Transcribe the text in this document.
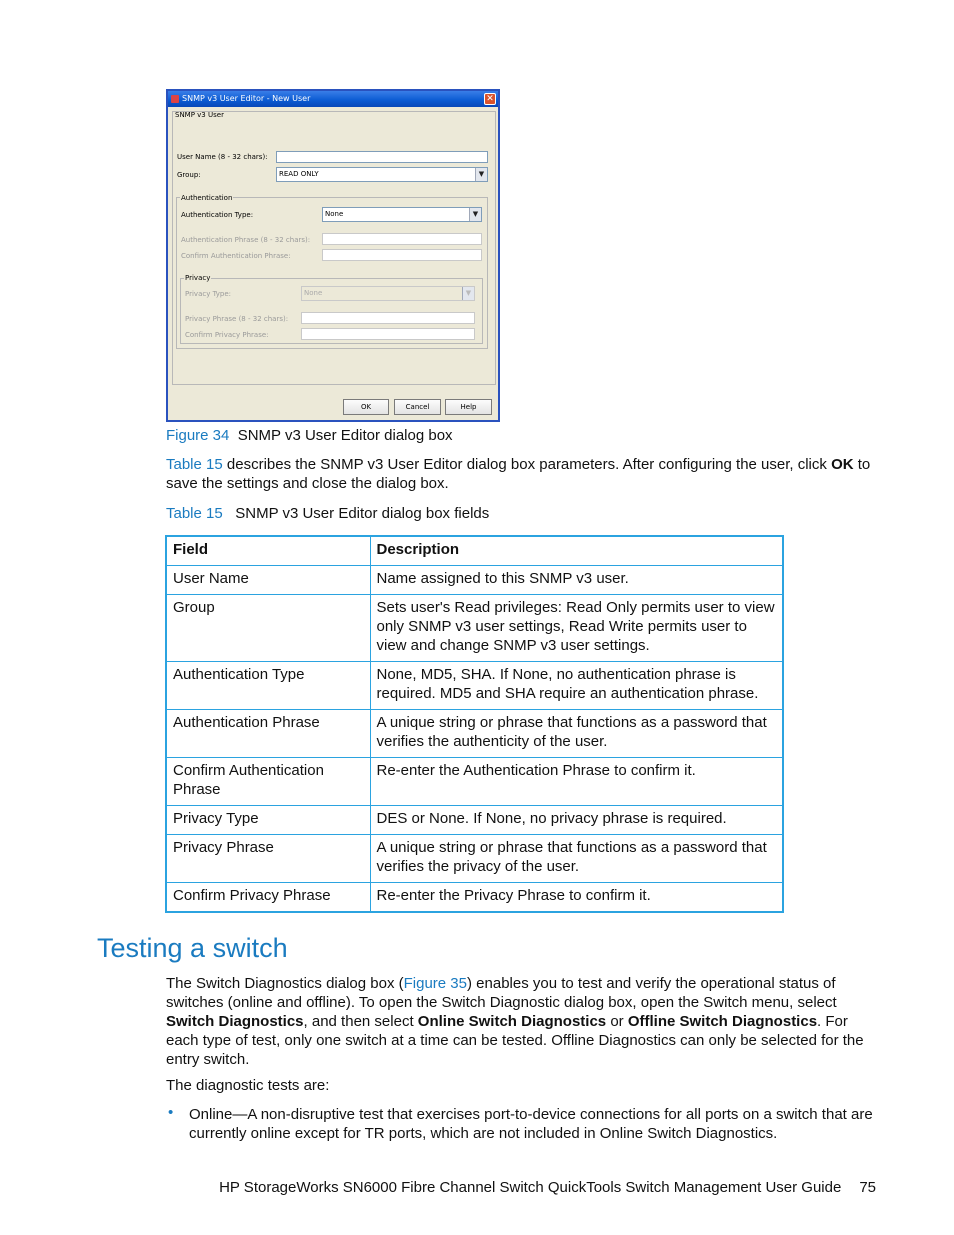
SNMP v3 User Editor - New User	✕
SNMP v3 User
User Name (8 - 32 chars):
Group:	READ ONLY	▼
Authentication
Authentication Type:	None	▼
Authentication Phrase (8 - 32 chars):
Confirm Authentication Phrase:
Privacy
Privacy Type:	None	▼
Privacy Phrase (8 - 32 chars):
Confirm Privacy Phrase:
OK	Cancel	Help
Figure 34 SNMP v3 User Editor dialog box
Table 15 describes the SNMP v3 User Editor dialog box parameters. After configuring the user, click OK to save the settings and close the dialog box.
Table 15 SNMP v3 User Editor dialog box fields
Field	Description
User Name	Name assigned to this SNMP v3 user.
Group	Sets user's Read privileges: Read Only permits user to view only SNMP v3 user settings, Read Write permits user to view and change SNMP v3 user settings.
Authentication Type	None, MD5, SHA. If None, no authentication phrase is required. MD5 and SHA require an authentication phrase.
Authentication Phrase	A unique string or phrase that functions as a password that verifies the authenticity of the user.
Confirm Authentication Phrase	Re-enter the Authentication Phrase to confirm it.
Privacy Type	DES or None. If None, no privacy phrase is required.
Privacy Phrase	A unique string or phrase that functions as a password that verifies the privacy of the user.
Confirm Privacy Phrase	Re-enter the Privacy Phrase to confirm it.
Testing a switch
The Switch Diagnostics dialog box (Figure 35) enables you to test and verify the operational status of switches (online and offline). To open the Switch Diagnostic dialog box, open the Switch menu, select Switch Diagnostics, and then select Online Switch Diagnostics or Offline Switch Diagnostics. For each type of test, only one switch at a time can be tested. Offline Diagnostics can only be selected for the entry switch.
The diagnostic tests are:
• Online—A non-disruptive test that exercises port-to-device connections for all ports on a switch that are currently online except for TR ports, which are not included in Online Switch Diagnostics.
HP StorageWorks SN6000 Fibre Channel Switch QuickTools Switch Management User Guide 75
